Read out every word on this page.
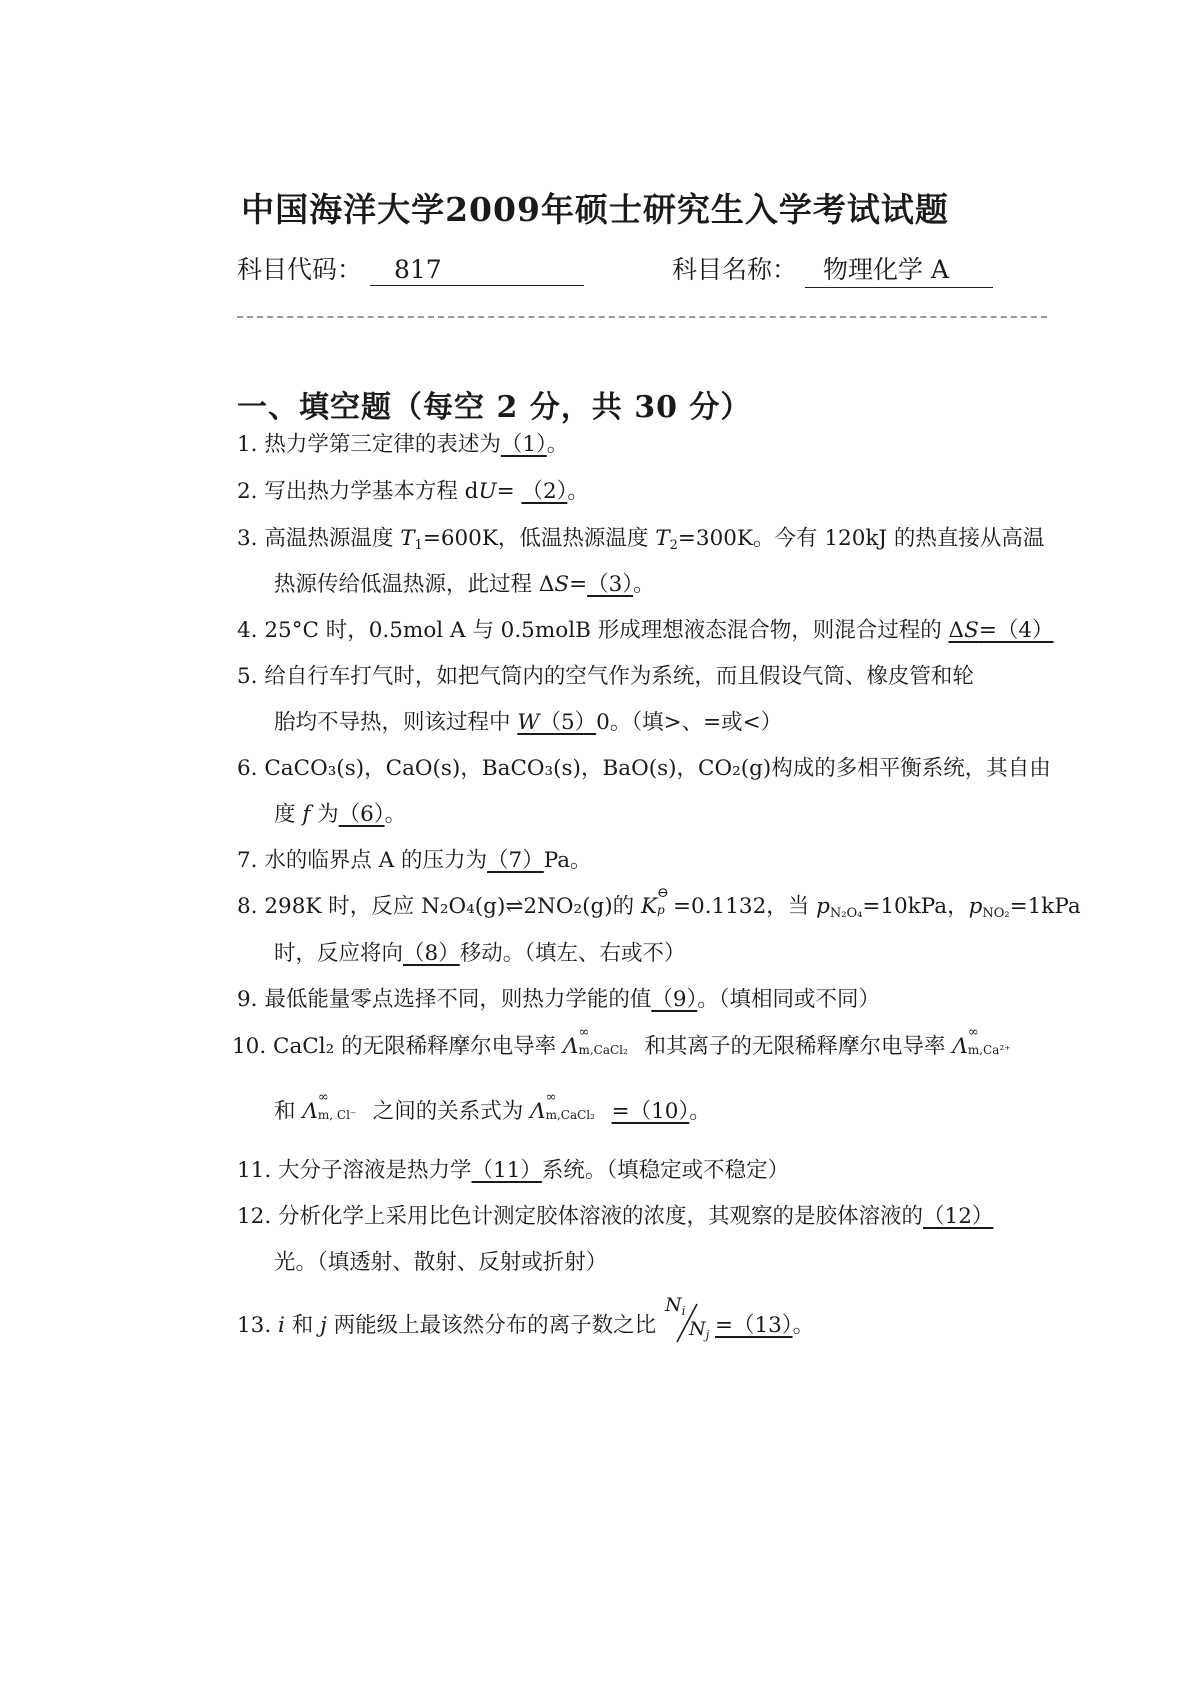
中国海洋大学2009年硕士研究生入学考试试题
科目代码： 817	科目名称： 物理化学 A
一、填空题（每空 2 分，共 30 分）
1. 热力学第三定律的表述为（1）。
2. 写出热力学基本方程 dU= （2）。
3. 高温热源温度 $T_1=600K$，低温热源温度 $T_2=300K$。今有 120kJ 的热直接从高温
热源传给低温热源，此过程 ΔS=（3）。
4. 25°C 时，0.5mol A 与 0.5molB 形成理想液态混合物，则混合过程的 ΔS=（4）
5. 给自行车打气时，如把气筒内的空气作为系统，而且假设气筒、橡皮管和轮
胎均不导热，则该过程中 W（5）0。（填>、=或<）
6. CaCO₃(s)，CaO(s)，BaCO₃(s)，BaO(s)，CO₂(g)构成的多相平衡系统，其自由
度 f 为（6）。
7. 水的临界点 A 的压力为（7）Pa。
8. 298K 时，反应 N₂O₄(g)⇌2NO₂(g)的 K
⊖
p =0.1132，当 $p_{N_2O_4}=10kPa$，$p_{NO_2}=1kPa$
时，反应将向（8）移动。（填左、右或不）
9. 最低能量零点选择不同，则热力学能的值（9）。（填相同或不同）
10. CaCl₂ 的无限稀释摩尔电导率 Λ
∞
m,CaCl₂ 和其离子的无限稀释摩尔电导率 Λ
∞
m,Ca²⁺
和 Λ
∞
m, Cl⁻ 之间的关系式为 Λ
∞
m,CaCl₂ =（10）。
11. 大分子溶液是热力学（11）系统。（填稳定或不稳定）
12. 分析化学上采用比色计测定胶体溶液的浓度，其观察的是胶体溶液的（12）
光。（填透射、散射、反射或折射）
13. i 和 j 两能级上最该然分布的离子数之比
$N_i$
$N_j =(13)$。
